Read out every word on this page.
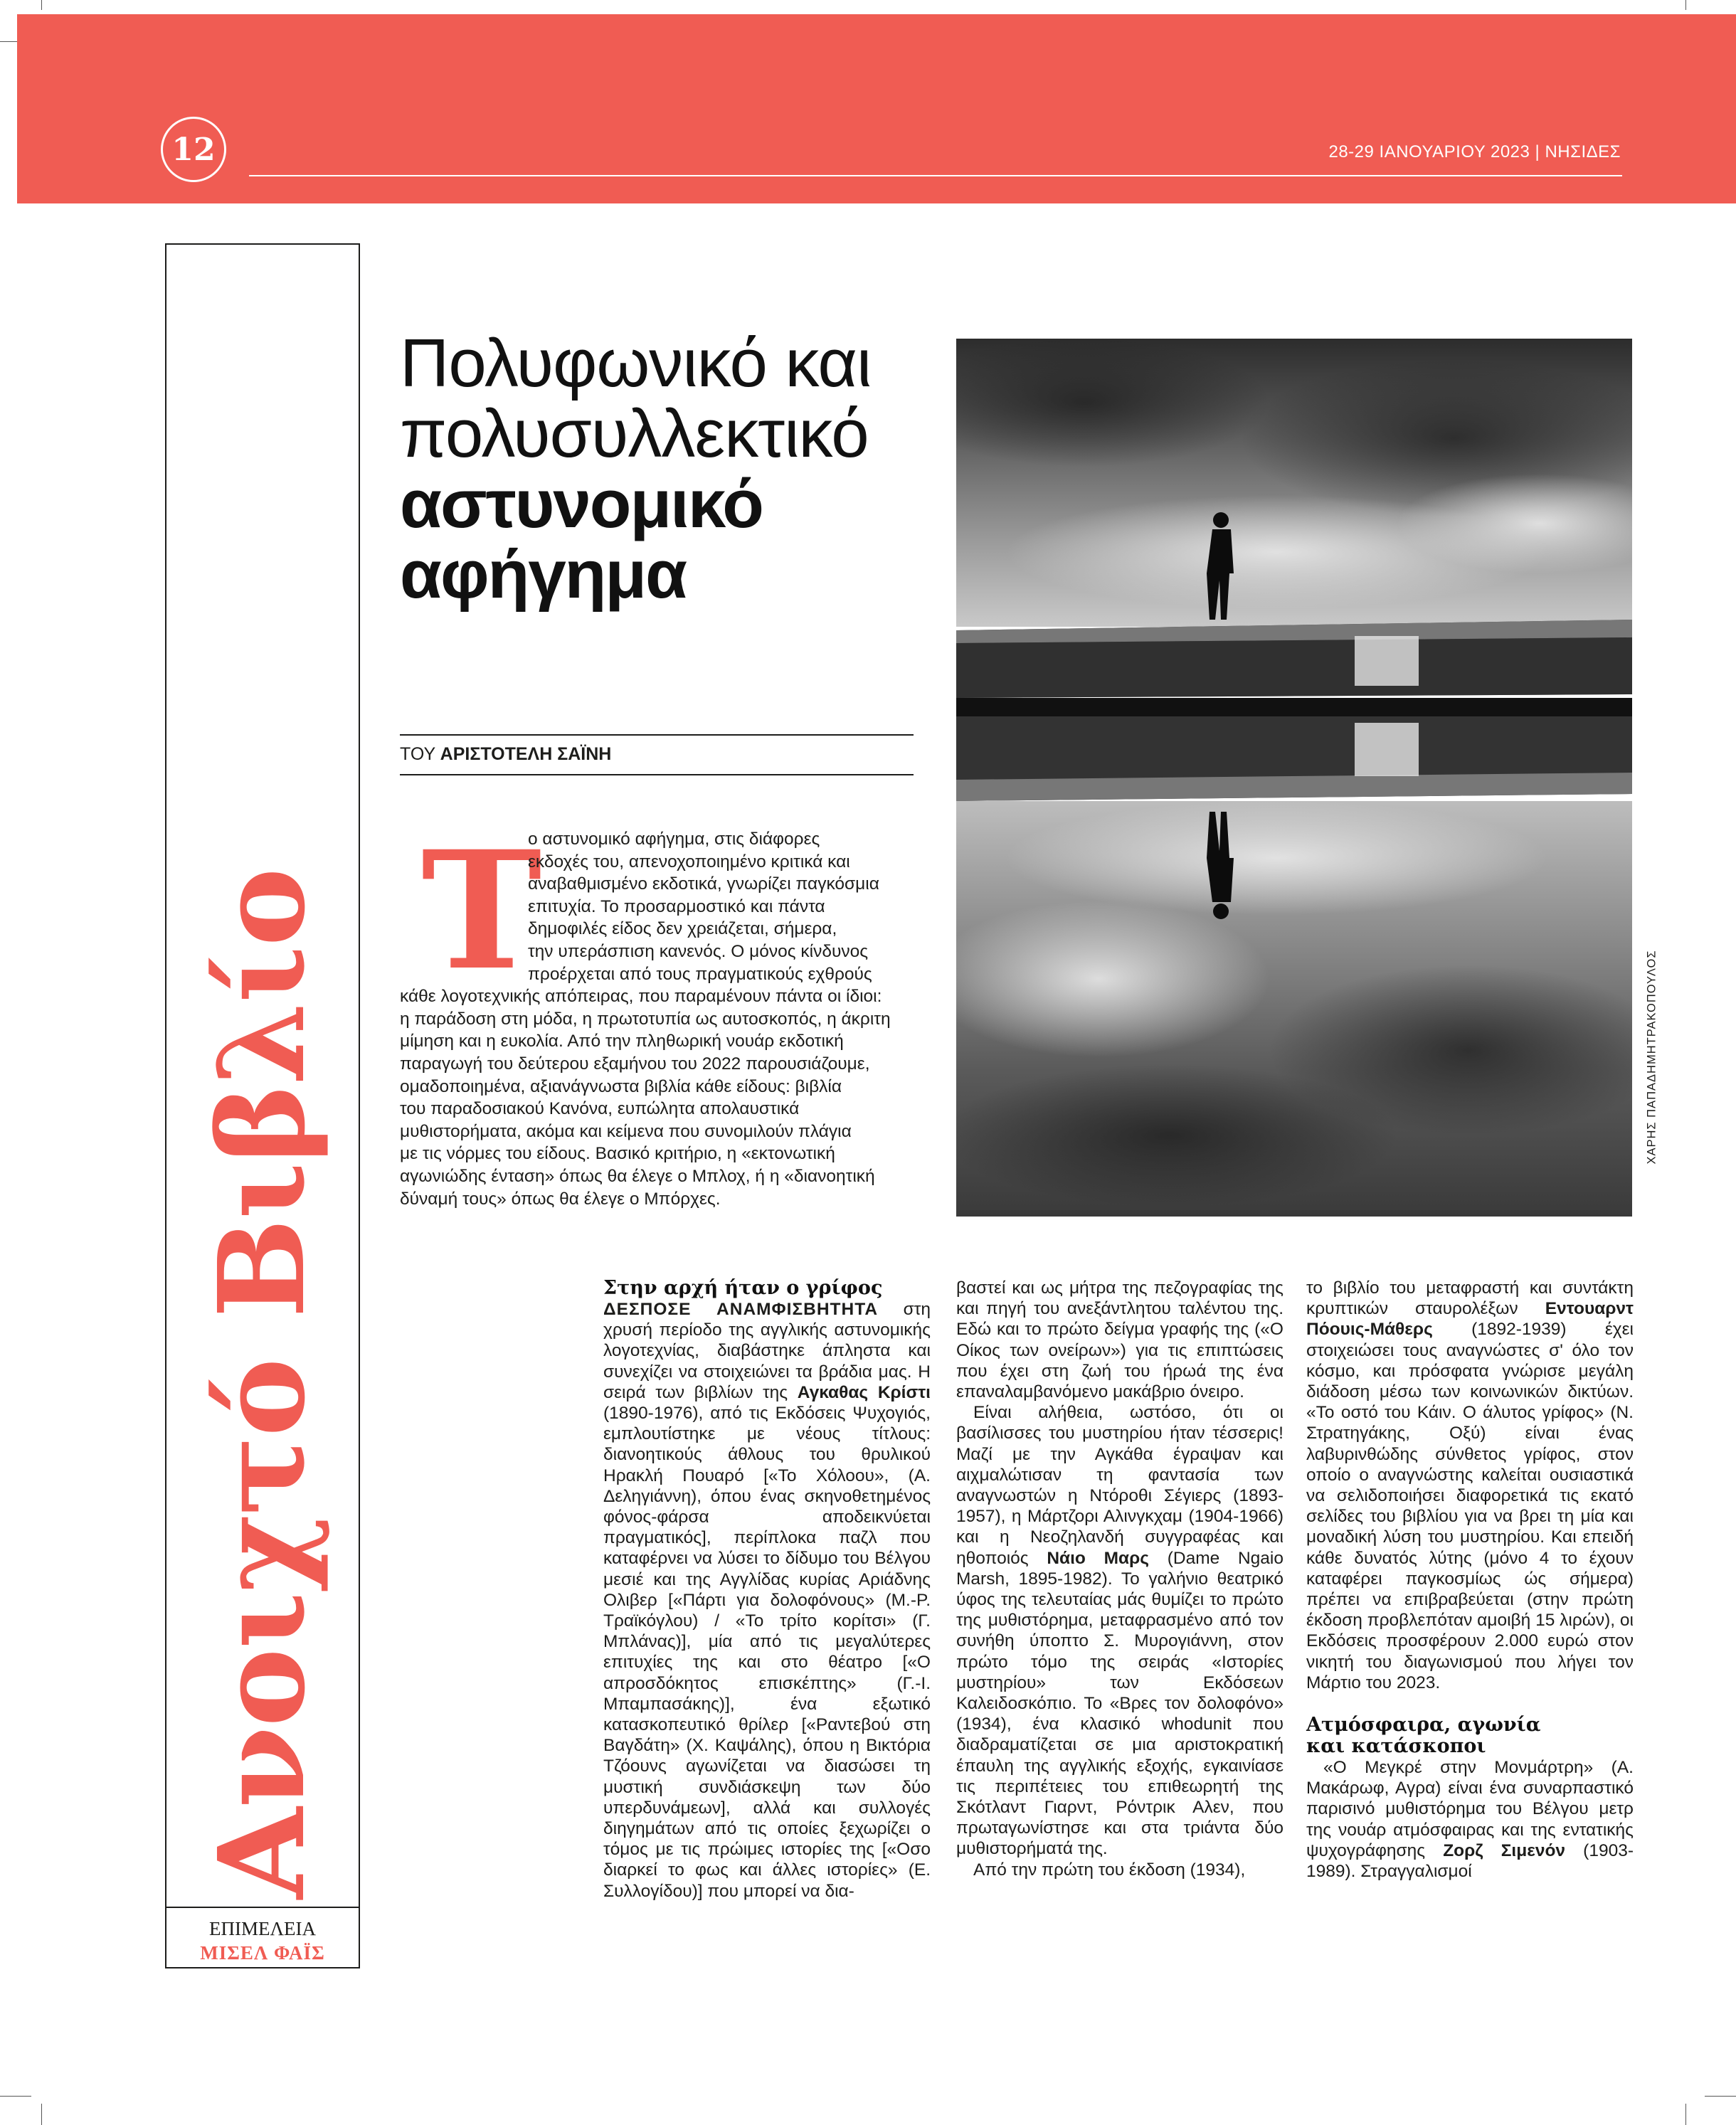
12	28-29 ΙΑΝΟΥΑΡΙΟΥ 2023 | ΝΗΣΙΔΕΣ
Ανοιχτό Βιβλίο
ΕΠΙΜΕΛΕΙΑ
ΜΙΣΕΛ ΦΑΪΣ
Πολυφωνικό και
πολυσυλλεκτικό
αστυνομικό
αφήγημα
ΤΟΥ ΑΡΙΣΤΟΤΕΛΗ ΣΑΪΝΗ
T
ο αστυνομικό αφήγημα, στις διάφορες
εκδοχές του, απενοχοποιημένο κριτικά και
αναβαθμισμένο εκδοτικά, γνωρίζει παγκόσμια
επιτυχία. Το προσαρμοστικό και πάντα
δημοφιλές είδος δεν χρειάζεται, σήμερα,
την υπεράσπιση κανενός. Ο μόνος κίνδυνος
προέρχεται από τους πραγματικούς εχθρούς
κάθε λογοτεχνικής απόπειρας, που παραμένουν πάντα οι ίδιοι:
η παράδοση στη μόδα, η πρωτοτυπία ως αυτοσκοπός, η άκριτη
μίμηση και η ευκολία. Από την πληθωρική νουάρ εκδοτική
παραγωγή του δεύτερου εξαμήνου του 2022 παρουσιάζουμε,
ομαδοποιημένα, αξιανάγνωστα βιβλία κάθε είδους: βιβλία
του παραδοσιακού Κανόνα, ευπώλητα απολαυστικά
μυθιστορήματα, ακόμα και κείμενα που συνομιλούν πλάγια
με τις νόρμες του είδους. Βασικό κριτήριο, η «εκτονωτική
αγωνιώδης ένταση» όπως θα έλεγε ο Μπλοχ, ή η «διανοητική
δύναμή τους» όπως θα έλεγε ο Μπόρχες.
ΧΑΡΗΣ ΠΑΠΑΔΗΜΗΤΡΑΚΟΠΟΥΛΟΣ

Στην αρχή ήταν ο γρίφος

ΔΕΣΠΟΣΕ ΑΝΑΜΦΙΣΒΗΤΗΤΑ στη χρυσή περίοδο της αγγλικής αστυνομικής λογοτεχνίας, διαβάστηκε άπληστα και συνεχίζει να στοιχειώνει τα βράδια μας. Η σειρά των βιβλίων της Αγκαθας Κρίστι (1890-1976), από τις Εκδόσεις Ψυχογιός, εμπλουτίστηκε με νέους τίτλους: διανοητικούς άθλους του θρυλικού Ηρακλή Πουαρό [«Το Χόλοου», (Α. Δεληγιάννη), όπου ένας σκηνοθετημένος φόνος-φάρσα αποδεικνύεται πραγματικός], περίπλοκα παζλ που καταφέρνει να λύσει το δίδυμο του Βέλγου μεσιέ και της Αγγλίδας κυρίας Αριάδνης Ολιβερ [«Πάρτι για δολοφόνους» (Μ.-Ρ. Τραϊκόγλου) / «Το τρίτο κορίτσι» (Γ. Μπλάνας)], μία από τις μεγαλύτερες επιτυχίες της και στο θέατρο [«Ο απροσδόκητος επισκέπτης» (Γ.-Ι. Μπαμπασάκης)], ένα εξωτικό κατασκοπευτικό θρίλερ [«Ραντεβού στη Βαγδάτη» (Χ. Καψάλης), όπου η Βικτόρια Τζόουνς αγωνίζεται να διασώσει τη μυστική συνδιάσκεψη των δύο υπερδυνάμεων], αλλά και συλλογές διηγημάτων από τις οποίες ξεχωρίζει ο τόμος με τις πρώιμες ιστορίες της [«Οσο διαρκεί το φως και άλλες ιστορίες» (Ε. Συλλογίδου)] που μπορεί να δια-

βαστεί και ως μήτρα της πεζογραφίας της και πηγή του ανεξάντλητου ταλέντου της. Εδώ και το πρώτο δείγμα γραφής της («Ο Οίκος των ονείρων») για τις επιπτώσεις που έχει στη ζωή του ήρωά της ένα επαναλαμβανόμενο μακάβριο όνειρο.

Είναι αλήθεια, ωστόσο, ότι οι βασίλισσες του μυστηρίου ήταν τέσσερις! Μαζί με την Αγκάθα έγραψαν και αιχμαλώτισαν τη φαντασία των αναγνωστών η Ντόροθι Σέγιερς (1893-1957), η Μάρτζορι Αλινγκχαμ (1904-1966) και η Νεοζηλανδή συγγραφέας και ηθοποιός Νάιο Μαρς (Dame Ngaio Marsh, 1895-1982). Το γαλήνιο θεατρικό ύφος της τελευταίας μάς θυμίζει το πρώτο της μυθιστόρημα, μεταφρασμένο από τον συνήθη ύποπτο Σ. Μυρογιάννη, στον πρώτο τόμο της σειράς «Ιστορίες μυστηρίου» των Εκδόσεων Καλειδοσκόπιο. Το «Βρες τον δολοφόνο» (1934), ένα κλασικό whodunit που διαδραματίζεται σε μια αριστοκρατική έπαυλη της αγγλικής εξοχής, εγκαινίασε τις περιπέτειες του επιθεωρητή της Σκότλαντ Γιαρντ, Ρόντρικ Αλεν, που πρωταγωνίστησε και στα τριάντα δύο μυθιστορήματά της.

Από την πρώτη του έκδοση (1934),

το βιβλίο του μεταφραστή και συντάκτη κρυπτικών σταυρολέξων Εντουαρντ Πόουις-Μάθερς (1892-1939) έχει στοιχειώσει τους αναγνώστες σ' όλο τον κόσμο, και πρόσφατα γνώρισε μεγάλη διάδοση μέσω των κοινωνικών δικτύων. «Το οστό του Κάιν. Ο άλυτος γρίφος» (Ν. Στρατηγάκης, Οξύ) είναι ένας λαβυρινθώδης σύνθετος γρίφος, στον οποίο ο αναγνώστης καλείται ουσιαστικά να σελιδοποιήσει διαφορετικά τις εκατό σελίδες του βιβλίου για να βρει τη μία και μοναδική λύση του μυστηρίου. Και επειδή κάθε δυνατός λύτης (μόνο 4 το έχουν καταφέρει παγκοσμίως ώς σήμερα) πρέπει να επιβραβεύεται (στην πρώτη έκδοση προβλεπόταν αμοιβή 15 λιρών), οι Εκδόσεις προσφέρουν 2.000 ευρώ στον νικητή του διαγωνισμού που λήγει τον Μάρτιο του 2023.

Ατμόσφαιρα, αγωνία

και κατάσκοποι

«Ο Μεγκρέ στην Μονμάρτρη» (Α. Μακάρωφ, Αγρα) είναι ένα συναρπαστικό παρισινό μυθιστόρημα του Βέλγου μετρ της νουάρ ατμόσφαιρας και της εντατικής ψυχογράφησης Ζορζ Σιμενόν (1903-1989). Στραγγαλισμοί
